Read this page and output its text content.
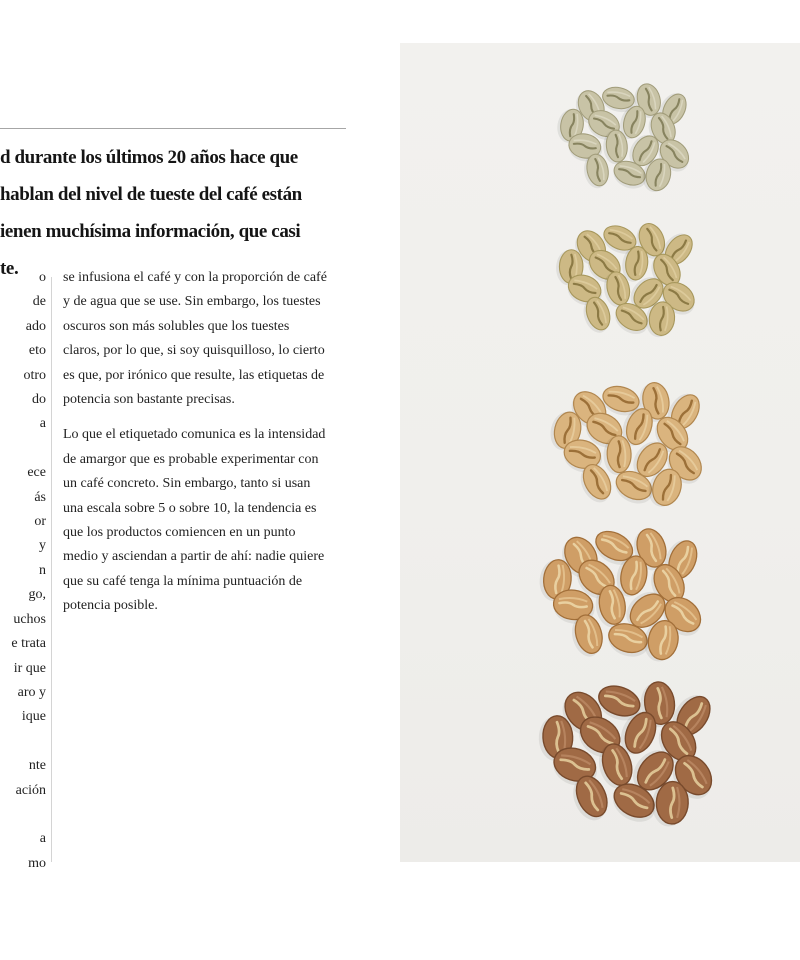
d durante los últimos 20 años hace que
hablan del nivel de tueste del café están
ienen muchísima información, que casi
te.	o
de
ado
eto
otro
do
a

ece
ás
or
y
n
go,
uchos
e trata
ir que
aro y
ique

nte
ación

a
mo
se infusiona el café y con la proporción de café
y de agua que se use. Sin embargo, los tuestes
oscuros son más solubles que los tuestes
claros, por lo que, si soy quisquilloso, lo cierto
es que, por irónico que resulte, las etiquetas de
potencia son bastante precisas.
Lo que el etiquetado comunica es la intensidad
de amargor que es probable experimentar con
un café concreto. Sin embargo, tanto si usan
una escala sobre 5 o sobre 10, la tendencia es
que los productos comiencen en un punto
medio y asciendan a partir de ahí: nadie quiere
que su café tenga la mínima puntuación de
potencia posible.
